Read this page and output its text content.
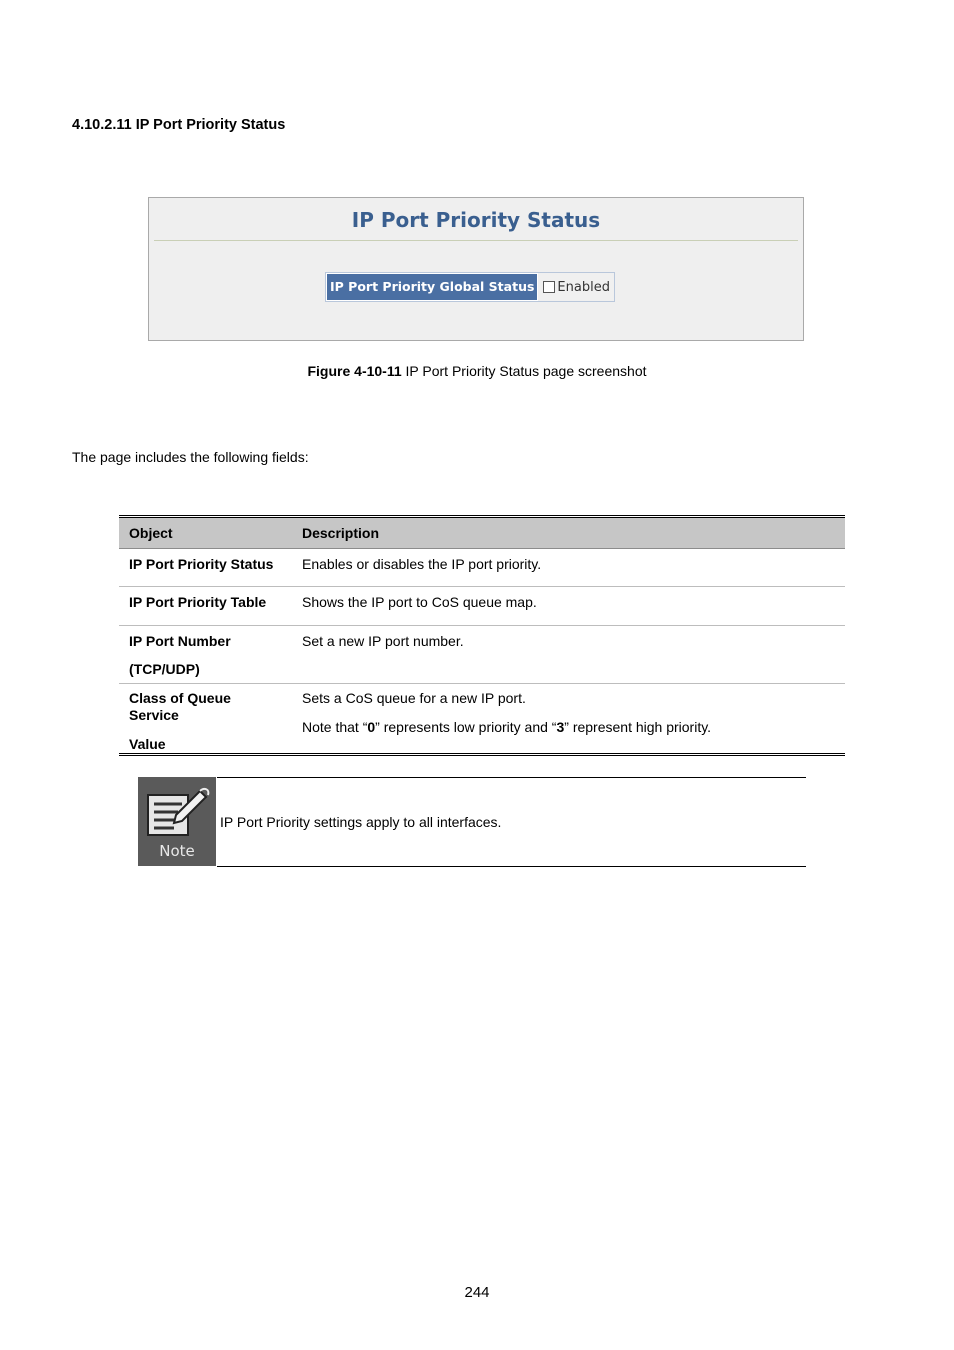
4.10.2.11 IP Port Priority Status
IP Port Priority Status
IP Port Priority Global Status	Enabled
Figure 4-10-11 IP Port Priority Status page screenshot
The page includes the following fields:
Object	Description
IP Port Priority Status	Enables or disables the IP port priority.
IP Port Priority Table	Shows the IP port to CoS queue map.

IP Port Number
(TCP/UDP)	Set a new IP port number.

Class of Queue Service
Value	Sets a CoS queue for a new IP port.
Note that “0” represents low priority and “3” represent high priority.
Note
IP Port Priority settings apply to all interfaces.
244
